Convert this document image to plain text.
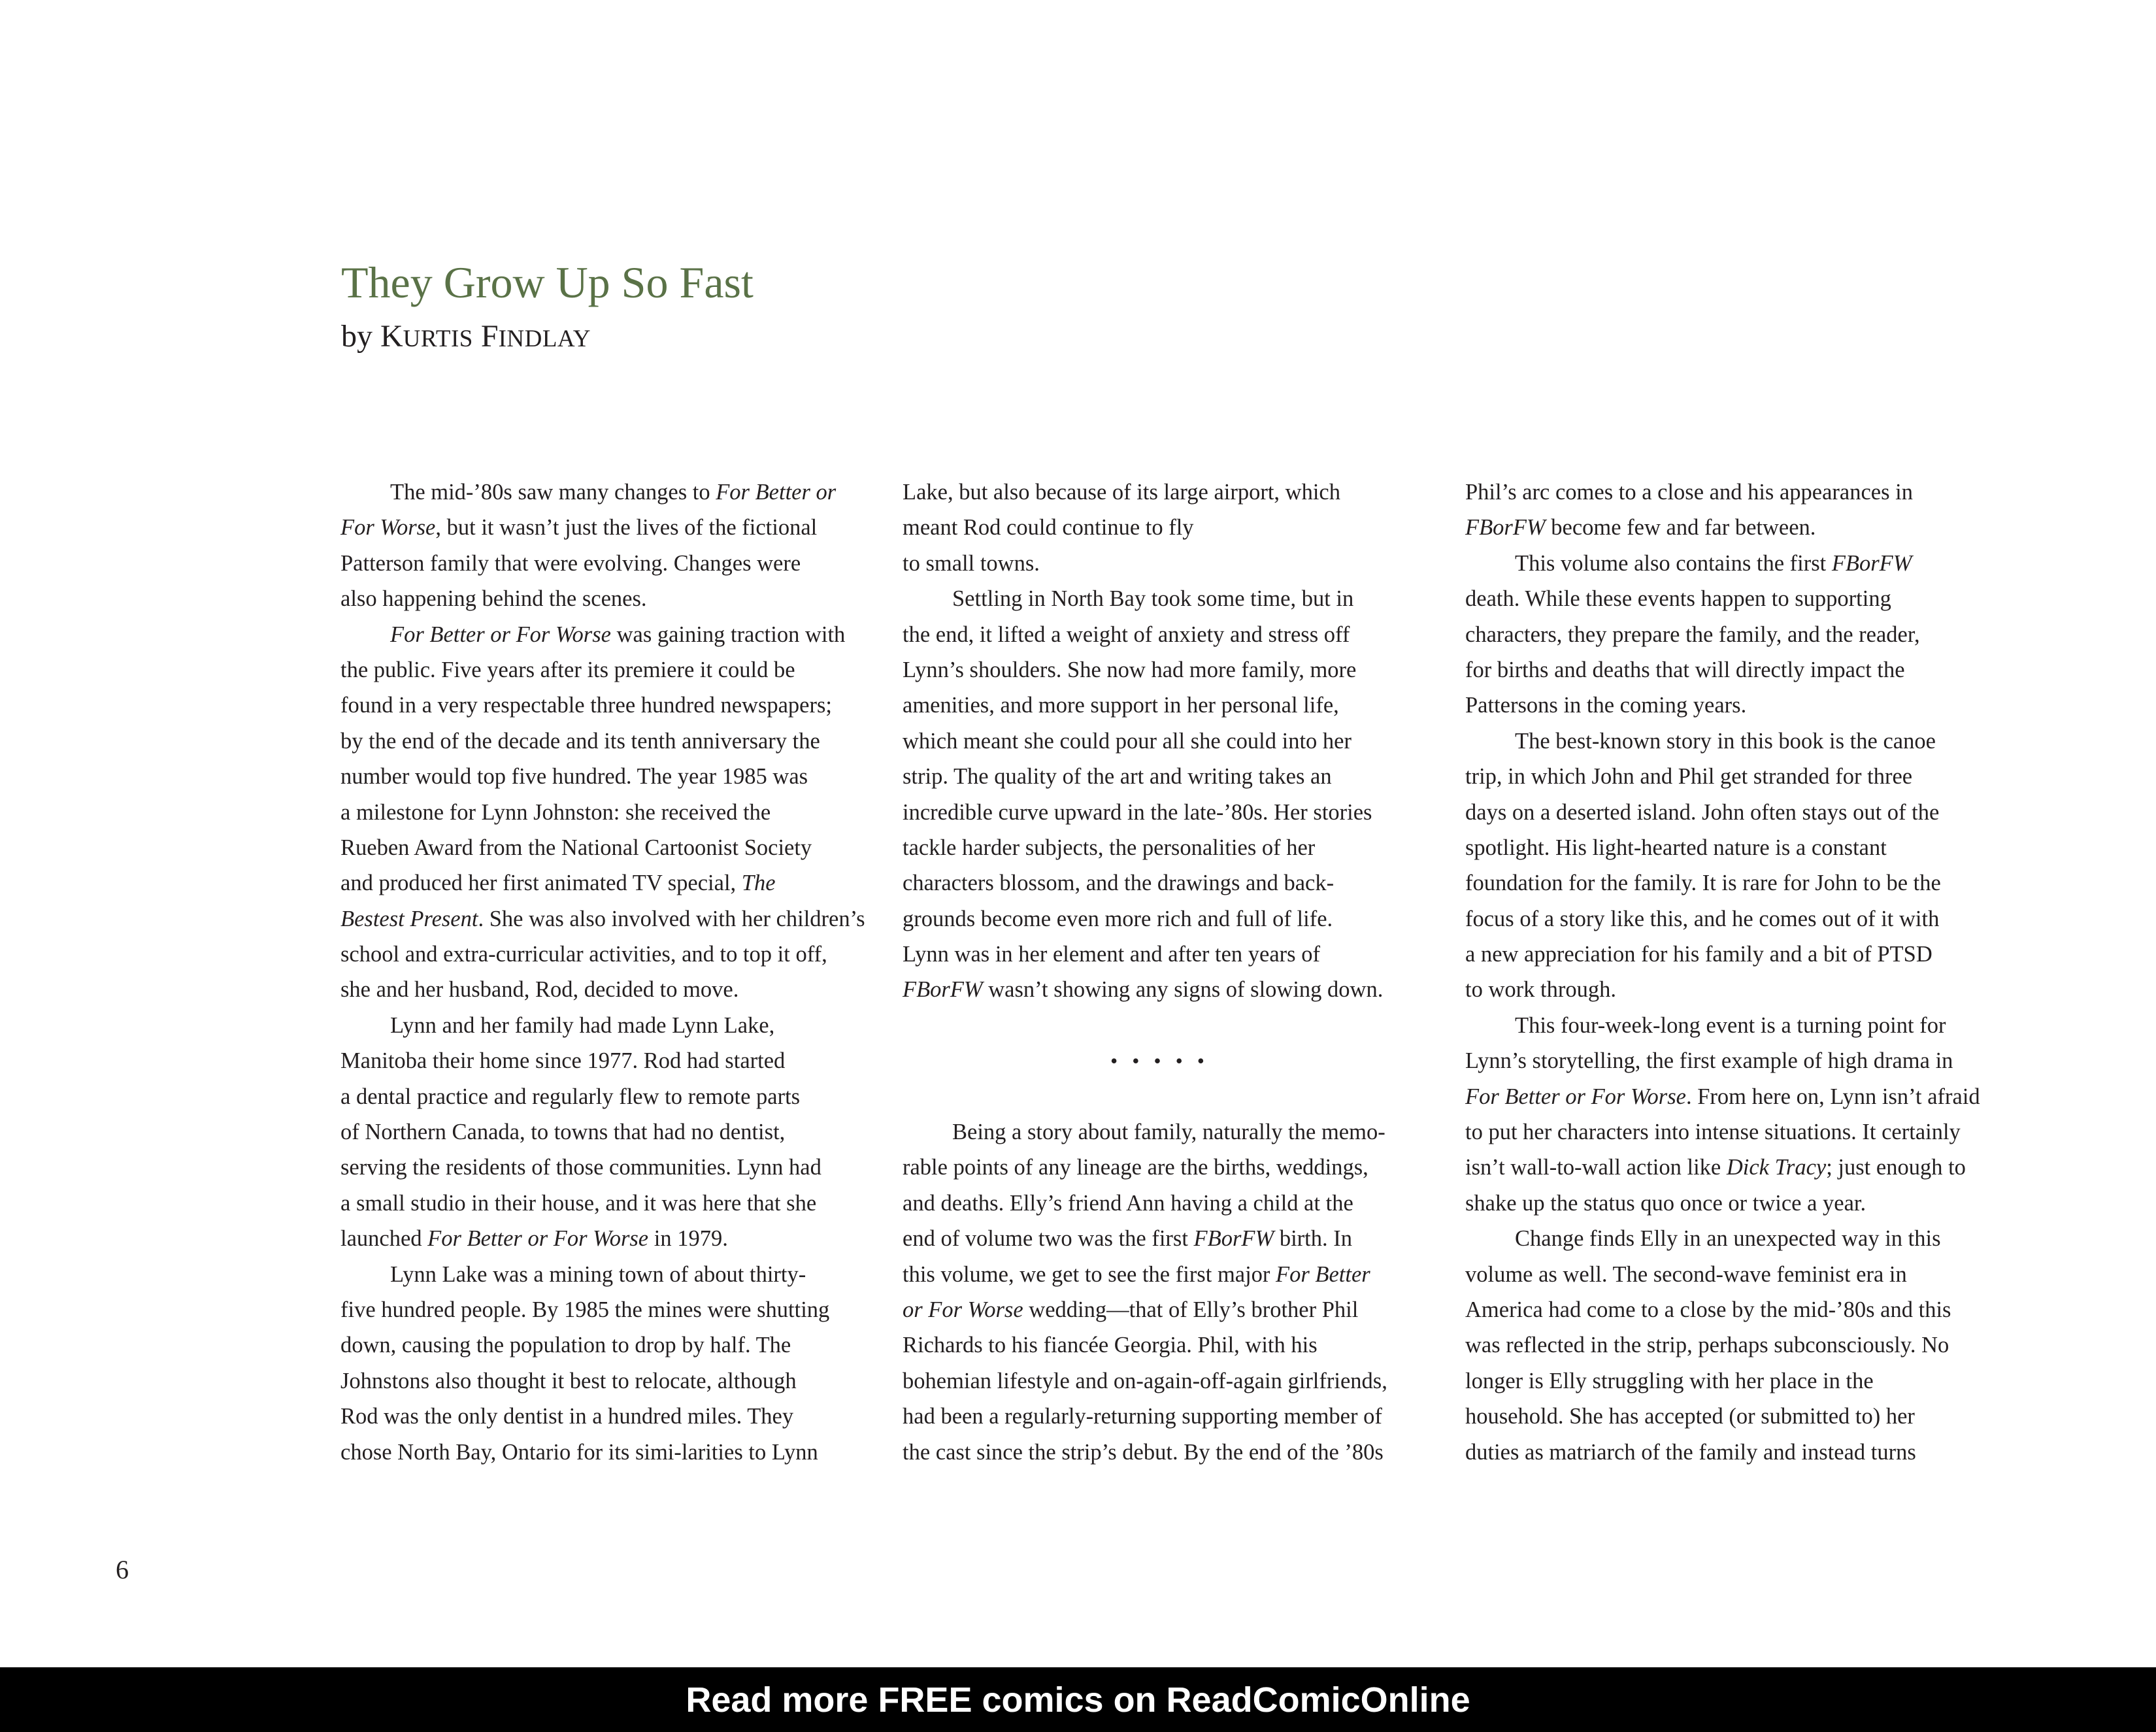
They Grow Up So Fast
by KURTIS FINDLAY
The mid-’80s saw many changes to For Better or
For Worse, but it wasn’t just the lives of the fictional
Patterson family that were evolving. Changes were
also happening behind the scenes.
For Better or For Worse was gaining traction with
the public. Five years after its premiere it could be
found in a very respectable three hundred newspapers;
by the end of the decade and its tenth anniversary the
number would top five hundred. The year 1985 was
a milestone for Lynn Johnston: she received the
Rueben Award from the National Cartoonist Society
and produced her first animated TV special, The
Bestest Present. She was also involved with her children’s
school and extra-curricular activities, and to top it off,
she and her husband, Rod, decided to move.
Lynn and her family had made Lynn Lake,
Manitoba their home since 1977. Rod had started
a dental practice and regularly flew to remote parts
of Northern Canada, to towns that had no dentist,
serving the residents of those communities. Lynn had
a small studio in their house, and it was here that she
launched For Better or For Worse in 1979.
Lynn Lake was a mining town of about thirty-
five hundred people. By 1985 the mines were shutting
down, causing the population to drop by half. The
Johnstons also thought it best to relocate, although
Rod was the only dentist in a hundred miles. They
chose North Bay, Ontario for its simi-larities to Lynn
Lake, but also because of its large airport, which
meant Rod could continue to fly
to small towns.
Settling in North Bay took some time, but in
the end, it lifted a weight of anxiety and stress off
Lynn’s shoulders. She now had more family, more
amenities, and more support in her personal life,
which meant she could pour all she could into her
strip. The quality of the art and writing takes an
incredible curve upward in the late-’80s. Her stories
tackle harder subjects, the personalities of her
characters blossom, and the drawings and back-
grounds become even more rich and full of life.
Lynn was in her element and after ten years of
FBorFW wasn’t showing any signs of slowing down.
•••••
Being a story about family, naturally the memo-
rable points of any lineage are the births, weddings,
and deaths. Elly’s friend Ann having a child at the
end of volume two was the first FBorFW birth. In
this volume, we get to see the first major For Better
or For Worse wedding—that of Elly’s brother Phil
Richards to his fiancée Georgia. Phil, with his
bohemian lifestyle and on-again-off-again girlfriends,
had been a regularly-returning supporting member of
the cast since the strip’s debut. By the end of the ’80s
Phil’s arc comes to a close and his appearances in
FBorFW become few and far between.
This volume also contains the first FBorFW
death. While these events happen to supporting
characters, they prepare the family, and the reader,
for births and deaths that will directly impact the
Pattersons in the coming years.
The best-known story in this book is the canoe
trip, in which John and Phil get stranded for three
days on a deserted island. John often stays out of the
spotlight. His light-hearted nature is a constant
foundation for the family. It is rare for John to be the
focus of a story like this, and he comes out of it with
a new appreciation for his family and a bit of PTSD
to work through.
This four-week-long event is a turning point for
Lynn’s storytelling, the first example of high drama in
For Better or For Worse. From here on, Lynn isn’t afraid
to put her characters into intense situations. It certainly
isn’t wall-to-wall action like Dick Tracy; just enough to
shake up the status quo once or twice a year.
Change finds Elly in an unexpected way in this
volume as well. The second-wave feminist era in
America had come to a close by the mid-’80s and this
was reflected in the strip, perhaps subconsciously. No
longer is Elly struggling with her place in the
household. She has accepted (or submitted to) her
duties as matriarch of the family and instead turns
6
Read more FREE comics on ReadComicOnline
